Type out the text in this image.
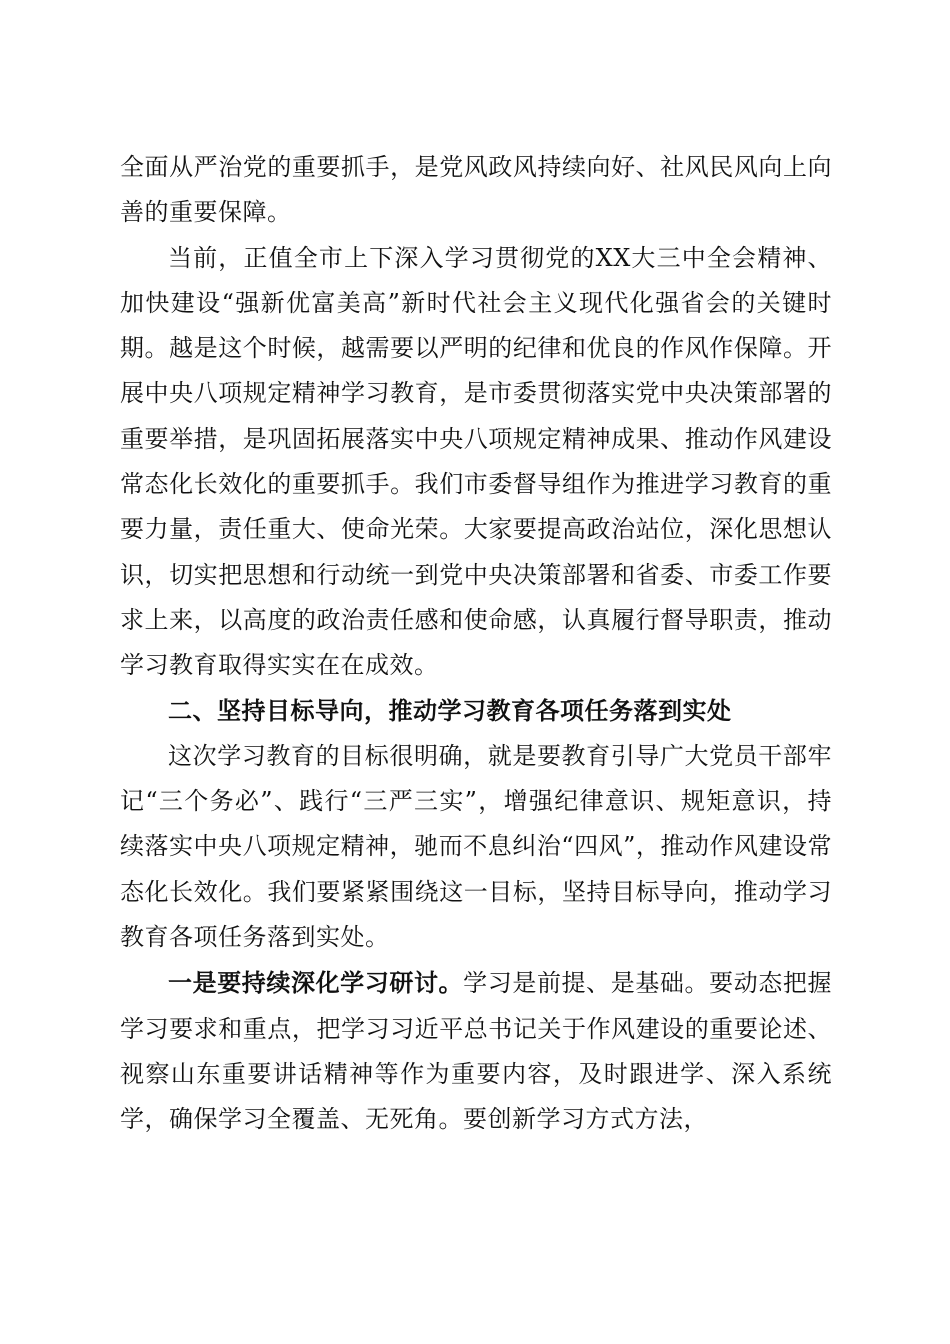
全面从严治党的重要抓手，是党风政风持续向好、社风民风向上向善的重要保障。

当前，正值全市上下深入学习贯彻党的XX大三中全会精神、加快建设“强新优富美高”新时代社会主义现代化强省会的关键时期。越是这个时候，越需要以严明的纪律和优良的作风作保障。开展中央八项规定精神学习教育，是市委贯彻落实党中央决策部署的重要举措，是巩固拓展落实中央八项规定精神成果、推动作风建设常态化长效化的重要抓手。我们市委督导组作为推进学习教育的重要力量，责任重大、使命光荣。大家要提高政治站位，深化思想认识，切实把思想和行动统一到党中央决策部署和省委、市委工作要求上来，以高度的政治责任感和使命感，认真履行督导职责，推动学习教育取得实实在在成效。

二、坚持目标导向，推动学习教育各项任务落到实处

这次学习教育的目标很明确，就是要教育引导广大党员干部牢记“三个务必”、践行“三严三实”，增强纪律意识、规矩意识，持续落实中央八项规定精神，驰而不息纠治“四风”，推动作风建设常态化长效化。我们要紧紧围绕这一目标，坚持目标导向，推动学习教育各项任务落到实处。

一是要持续深化学习研讨。学习是前提、是基础。要动态把握学习要求和重点，把学习习近平总书记关于作风建设的重要论述、视察山东重要讲话精神等作为重要内容，及时跟进学、深入系统学，确保学习全覆盖、无死角。要创新学习方式方法，
